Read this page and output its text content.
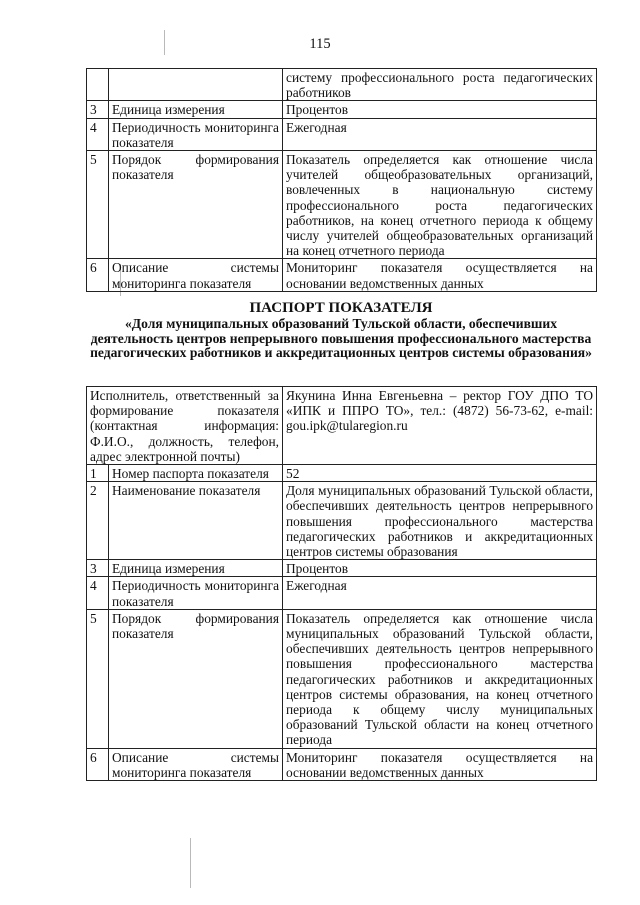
115
		систему профессионального роста педагогических работников
3	Единица измерения	Процентов
4	Периодичность мониторинга показателя	Ежегодная
5	Порядок формирования показателя	Показатель определяется как отношение числа учителей общеобразовательных организаций, вовлеченных в национальную систему профессионального роста педагогических работников, на конец отчетного периода к общему числу учителей общеобразовательных организаций на конец отчетного периода
6	Описание системы мониторинга показателя	Мониторинг показателя осуществляется на основании ведомственных данных
ПАСПОРТ ПОКАЗАТЕЛЯ
«Доля муниципальных образований Тульской области, обеспечивших деятельность центров непрерывного повышения профессионального мастерства педагогических работников и аккредитационных центров системы образования»
Исполнитель, ответственный за формирование показателя (контактная информация: Ф.И.О., должность, телефон, адрес электронной почты)		Якунина Инна Евгеньевна – ректор ГОУ ДПО ТО «ИПК и ППРО ТО», тел.: (4872) 56-73-62, e-mail: gou.ipk@tularegion.ru
1	Номер паспорта показателя	52
2	Наименование показателя	Доля муниципальных образований Тульской области, обеспечивших деятельность центров непрерывного повышения профессионального мастерства педагогических работников и аккредитационных центров системы образования
3	Единица измерения	Процентов
4	Периодичность мониторинга показателя	Ежегодная
5	Порядок формирования показателя	Показатель определяется как отношение числа муниципальных образований Тульской области, обеспечивших деятельность центров непрерывного повышения профессионального мастерства педагогических работников и аккредитационных центров системы образования, на конец отчетного периода к общему числу муниципальных образований Тульской области на конец отчетного периода
6	Описание системы мониторинга показателя	Мониторинг показателя осуществляется на основании ведомственных данных
